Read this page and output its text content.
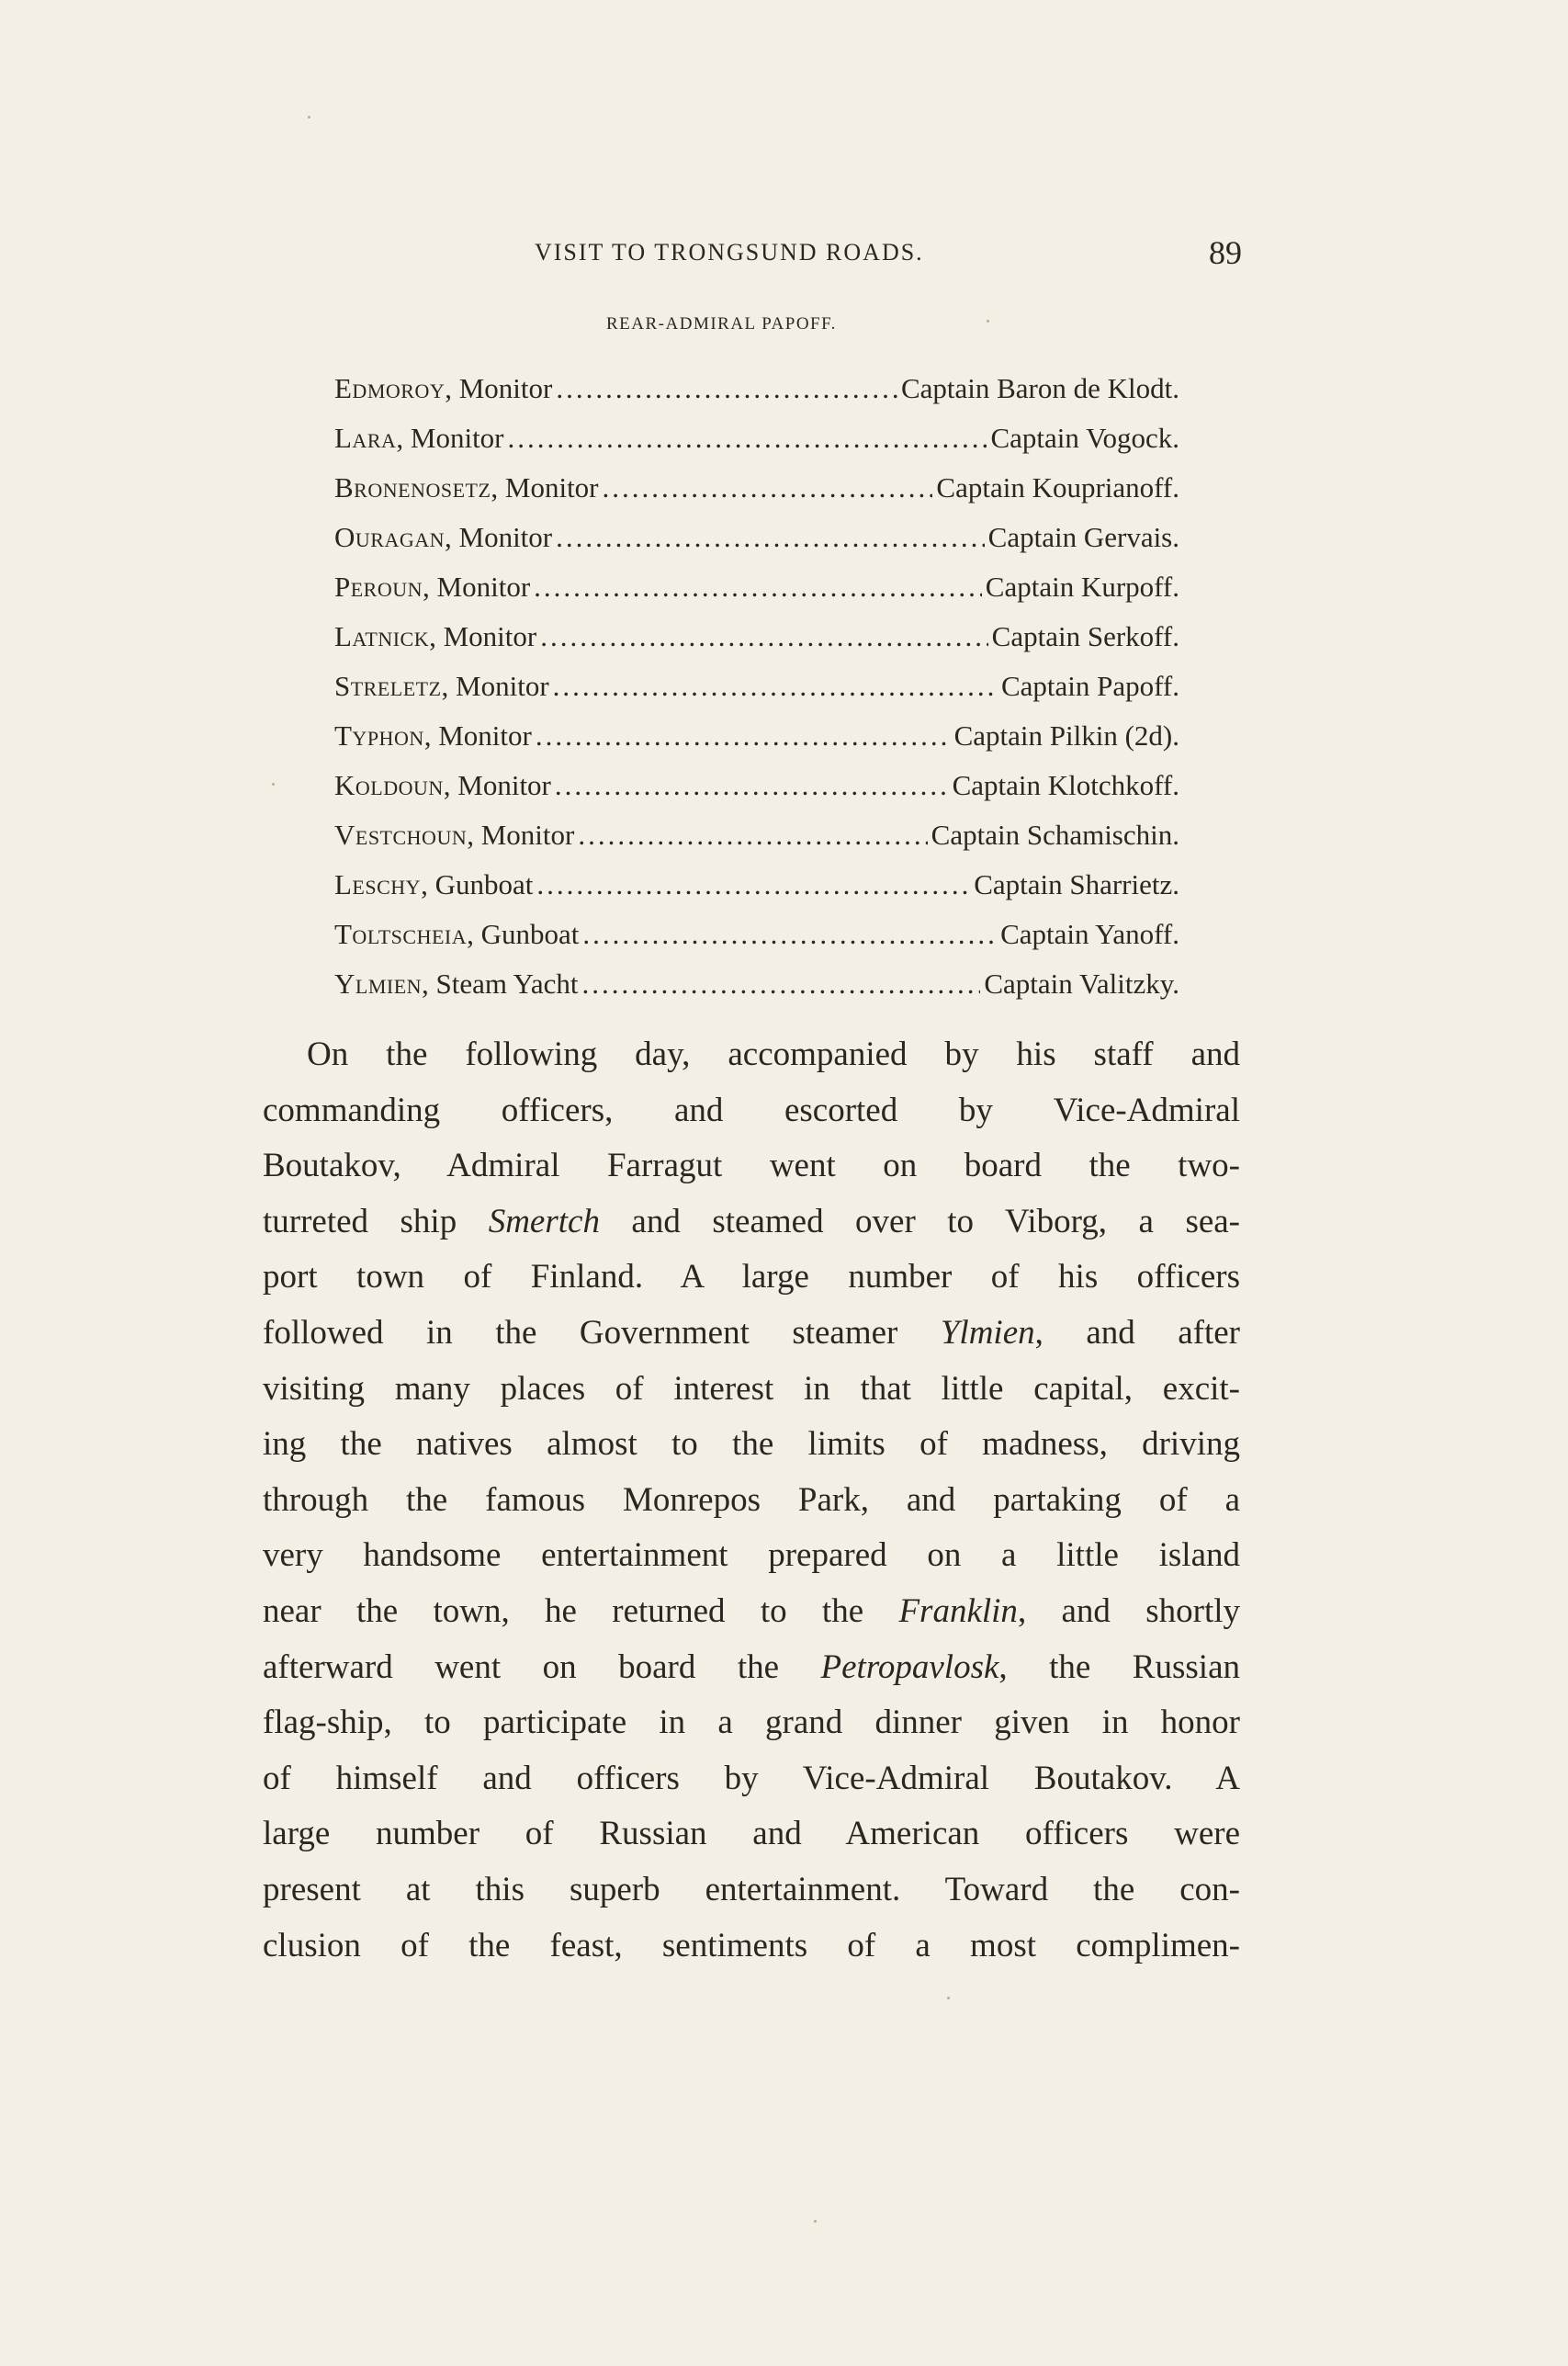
VISIT TO TRONGSUND ROADS.	89
REAR-ADMIRAL PAPOFF.
Edmoroy, Monitor .....	Captain Baron de Klodt.
Lara, Monitor .....	Captain Vogock.
Bronenosetz, Monitor .....	Captain Kouprianoff.
Ouragan, Monitor .....	Captain Gervais.
Peroun, Monitor .....	Captain Kurpoff.
Latnick, Monitor .....	Captain Serkoff.
Streletz, Monitor .....	Captain Papoff.
Typhon, Monitor .....	Captain Pilkin (2d).
Koldoun, Monitor .....	Captain Klotchkoff.
Vestchoun, Monitor .....	Captain Schamischin.
Leschy, Gunboat .....	Captain Sharrietz.
Toltscheia, Gunboat .....	Captain Yanoff.
Ylmien, Steam Yacht .....	Captain Valitzky.
On the following day, accompanied by his staff and
commanding officers, and escorted by Vice-Admiral
Boutakov, Admiral Farragut went on board the two-
turreted ship Smertch and steamed over to Viborg, a sea-
port town of Finland. A large number of his officers
followed in the Government steamer Ylmien, and after
visiting many places of interest in that little capital, excit-
ing the natives almost to the limits of madness, driving
through the famous Monrepos Park, and partaking of a
very handsome entertainment prepared on a little island
near the town, he returned to the Franklin, and shortly
afterward went on board the Petropavlosk, the Russian
flag-ship, to participate in a grand dinner given in honor
of himself and officers by Vice-Admiral Boutakov. A
large number of Russian and American officers were
present at this superb entertainment. Toward the con-
clusion of the feast, sentiments of a most complimen-
